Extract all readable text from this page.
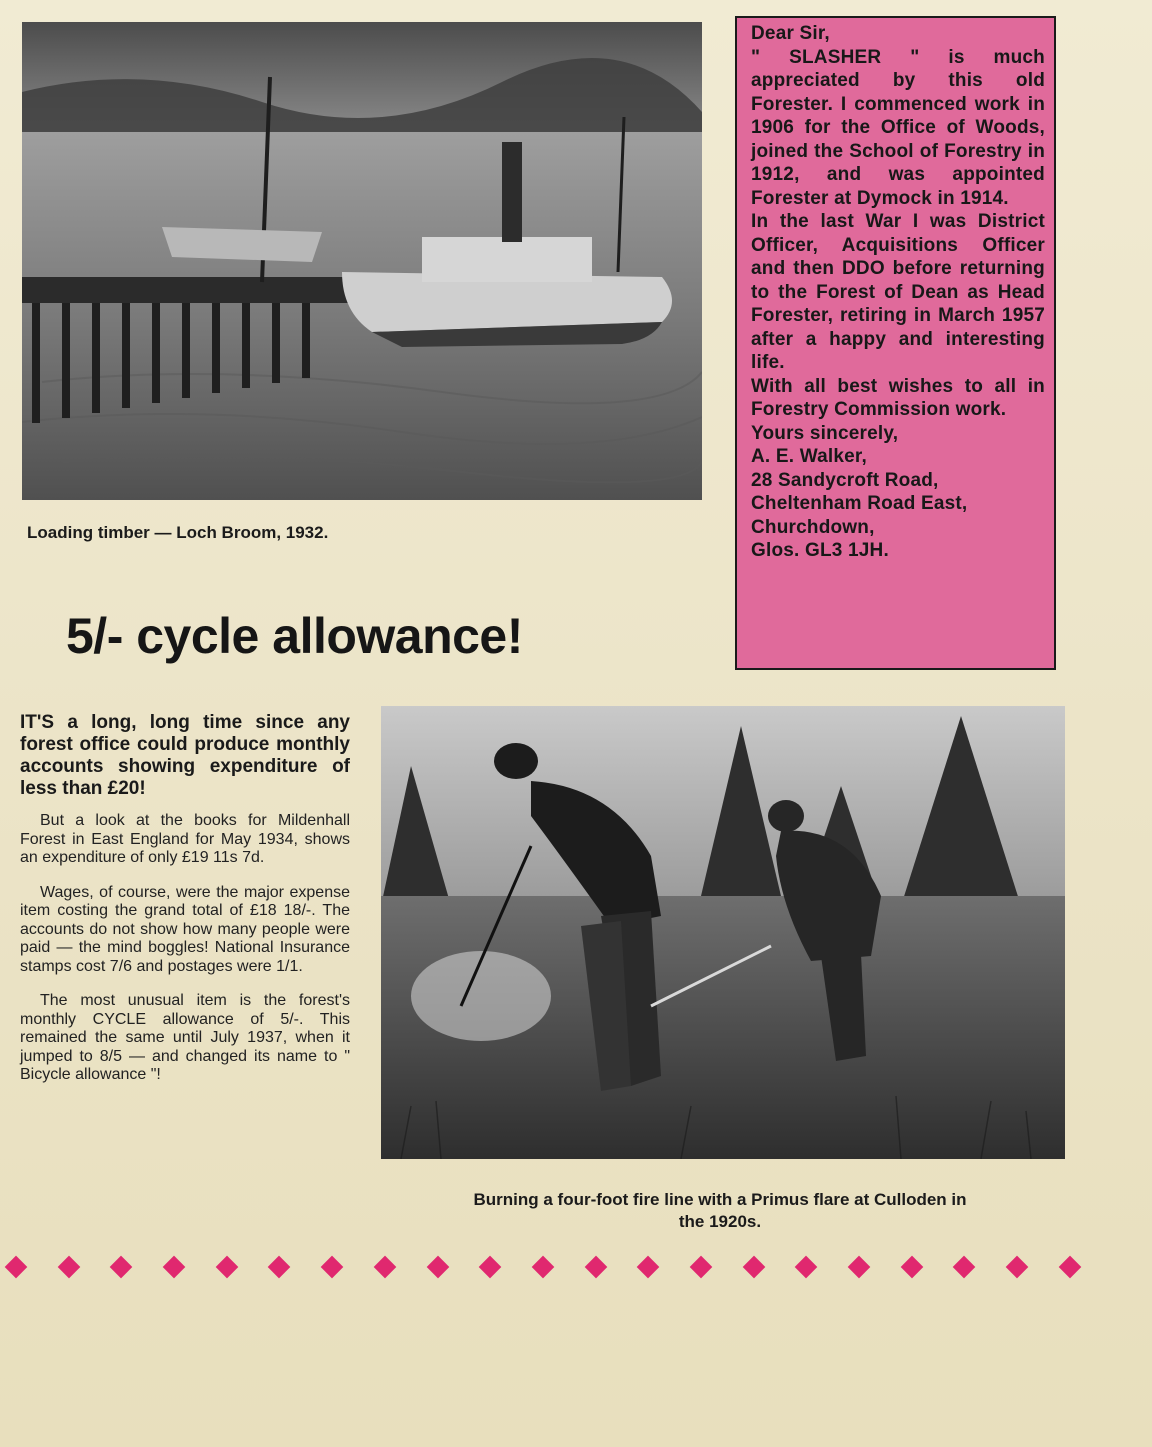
Loading timber — Loch Broom, 1932.
5/- cycle allowance!

Dear Sir,

" SLASHER " is much appreciated by this old Forester. I commenced work in 1906 for the Office of Woods, joined the School of Forestry in 1912, and was appointed Forester at Dymock in 1914.

In the last War I was District Officer, Acquisitions Officer and then DDO before returning to the Forest of Dean as Head Forester, retiring in March 1957 after a happy and interesting life.

With all best wishes to all in Forestry Commission work.

Yours sincerely,

A. E. Walker,

28 Sandycroft Road,

Cheltenham Road East,

Churchdown,

Glos. GL3 1JH.

IT'S a long, long time since any forest office could produce monthly accounts showing expenditure of less than £20!

But a look at the books for Mildenhall Forest in East England for May 1934, shows an expenditure of only £19 11s 7d.

Wages, of course, were the major expense item costing the grand total of £18 18/-. The accounts do not show how many people were paid — the mind boggles! National Insurance stamps cost 7/6 and postages were 1/1.

The most unusual item is the forest's monthly CYCLE allowance of 5/-. This remained the same until July 1937, when it jumped to 8/5 — and changed its name to " Bicycle allowance "!

Burning a four-foot fire line with a Primus flare at Culloden in
the 1920s.
